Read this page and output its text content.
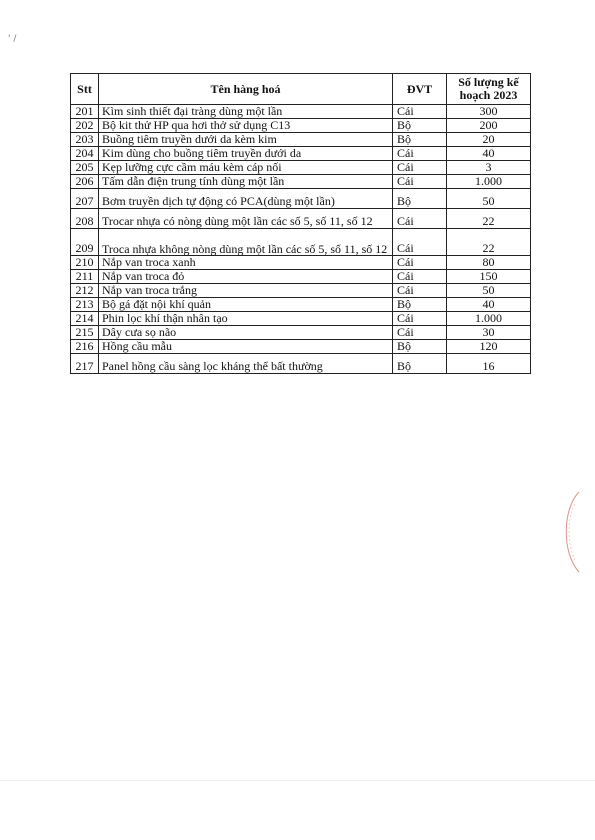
' /
Stt	Tên hàng hoá	ĐVT	Số lượng kế
hoạch 2023

201	Kìm sinh thiết đại tràng dùng một lần	Cái	300
202	Bộ kit thử HP qua hơi thở sử dụng C13	Bộ	200
203	Buồng tiêm truyền dưới da kèm kim	Bộ	20
204	Kim dùng cho buồng tiêm truyền dưới da	Cái	40
205	Kẹp lưỡng cực cầm máu kèm cáp nối	Cái	3
206	Tấm dẫn điện trung tính dùng một lần	Cái	1.000
207	Bơm truyền dịch tự động có PCA(dùng một lần)	Bộ	50
208	Trocar nhựa có nòng dùng một lần các số 5, số 11, số 12	Cái	22
209	Troca nhựa không nòng dùng một lần các số 5, số 11, số 12	Cái	22
210	Nắp van troca xanh	Cái	80
211	Nắp van troca đỏ	Cái	150
212	Nắp van troca trắng	Cái	50
213	Bộ gá đặt nội khí quản	Bộ	40
214	Phin lọc khí thận nhân tạo	Cái	1.000
215	Dây cưa sọ não	Cái	30
216	Hồng cầu mẫu	Bộ	120
217	Panel hồng cầu sàng lọc kháng thể bất thường	Bộ	16
